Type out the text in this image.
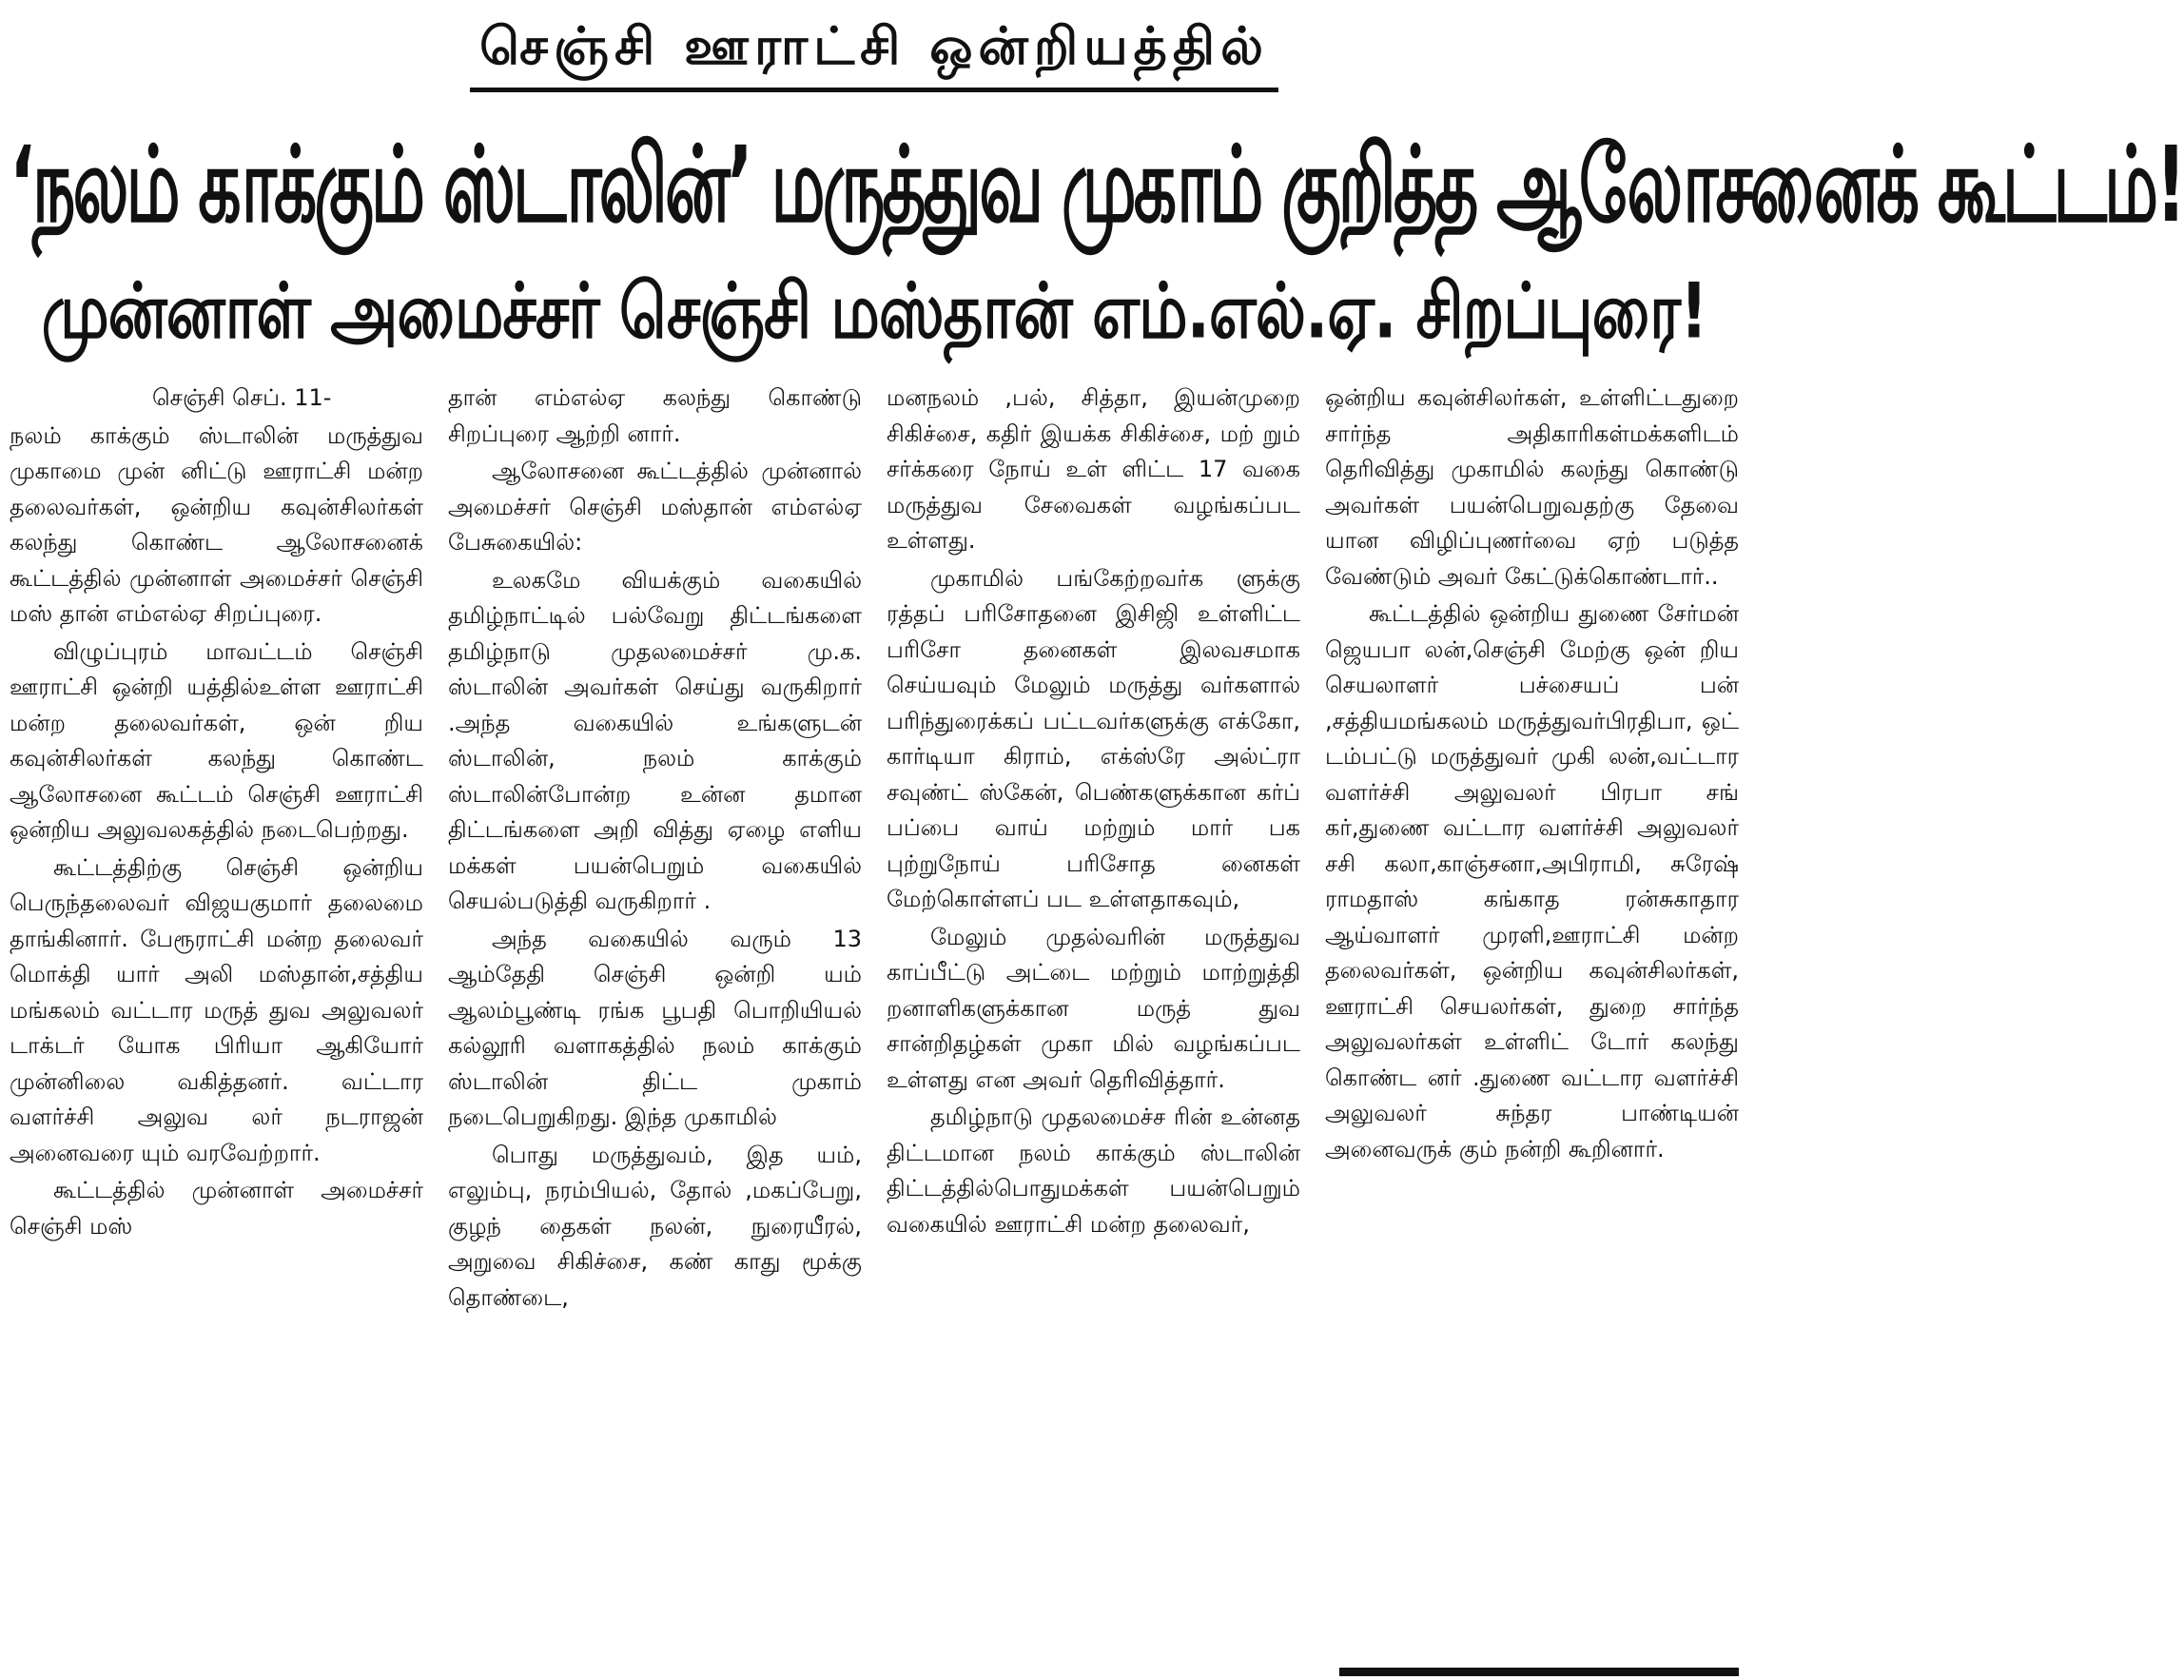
செஞ்சி ஊராட்சி ஒன்றியத்தில்
‘நலம் காக்கும் ஸ்டாலின்’ மருத்துவ முகாம் குறித்த ஆலோசனைக் கூட்டம்!
முன்னாள் அமைச்சர் செஞ்சி மஸ்தான் எம்.எல்.ஏ. சிறப்புரை!

செஞ்சி செப். 11-

நலம் காக்கும் ஸ்டாலின் மருத்துவ முகாமை முன் னிட்டு ஊராட்சி மன்ற தலைவர்கள், ஒன்றிய கவுன்சிலர்கள் கலந்து கொண்ட ஆலோசனைக் கூட்டத்தில் முன்னாள் அமைச்சர் செஞ்சி மஸ் தான் எம்எல்ஏ சிறப்புரை.

விழுப்புரம் மாவட்டம் செஞ்சி ஊராட்சி ஒன்றி யத்தில்உள்ள ஊராட்சி மன்ற தலைவர்கள், ஒன் றிய கவுன்சிலர்கள் கலந்து கொண்ட ஆலோசனை கூட்டம் செஞ்சி ஊராட்சி ஒன்றிய அலுவலகத்தில் நடைபெற்றது.

கூட்டத்திற்கு செஞ்சி ஒன்றிய பெருந்தலைவர் விஜயகுமார் தலைமை தாங்கினார். பேரூராட்சி மன்ற தலைவர் மொக்தி யார் அலி மஸ்தான்,சத்திய மங்கலம் வட்டார மருத் துவ அலுவலர் டாக்டர் யோக பிரியா ஆகியோர் முன்னிலை வகித்தனர். வட்டார வளர்ச்சி அலுவ லர் நடராஜன் அனைவரை யும் வரவேற்றார்.

கூட்டத்தில் முன்னாள் அமைச்சர் செஞ்சி மஸ்

தான் எம்எல்ஏ கலந்து கொண்டு சிறப்புரை ஆற்றி னார்.

ஆலோசனை கூட்டத்தில் முன்னால் அமைச்சர் செஞ்சி மஸ்தான் எம்எல்ஏ பேசுகையில்:

உலகமே வியக்கும் வகையில் தமிழ்நாட்டில் பல்வேறு திட்டங்களை தமிழ்நாடு முதலமைச்சர் மு.க. ஸ்டாலின் அவர்கள் செய்து வருகிறார் .அந்த வகையில் உங்களுடன் ஸ்டாலின், நலம் காக்கும் ஸ்டாலின்போன்ற உன்ன தமான திட்டங்களை அறி வித்து ஏழை எளிய மக்கள் பயன்பெறும் வகையில் செயல்படுத்தி வருகிறார் .

அந்த வகையில் வரும் 13 ஆம்தேதி செஞ்சி ஒன்றி யம் ஆலம்பூண்டி ரங்க பூபதி பொறியியல் கல்லூரி வளாகத்தில் நலம் காக்கும் ஸ்டாலின் திட்ட முகாம் நடைபெறுகிறது. இந்த முகாமில்

பொது மருத்துவம், இத யம், எலும்பு, நரம்பியல், தோல் ,மகப்பேறு, குழந் தைகள் நலன், நுரையீரல், அறுவை சிகிச்சை, கண் காது மூக்கு தொண்டை,

மனநலம் ,பல், சித்தா, இயன்முறை சிகிச்சை, கதிர் இயக்க சிகிச்சை, மற் றும் சர்க்கரை நோய் உள் ளிட்ட 17 வகை மருத்துவ சேவைகள் வழங்கப்பட உள்ளது.

முகாமில் பங்கேற்றவர்க ளுக்கு ரத்தப் பரிசோதனை இசிஜி உள்ளிட்ட பரிசோ தனைகள் இலவசமாக செய்யவும் மேலும் மருத்து வர்களால் பரிந்துரைக்கப் பட்டவர்களுக்கு எக்கோ, கார்டியா கிராம், எக்ஸ்ரே அல்ட்ரா சவுண்ட் ஸ்கேன், பெண்களுக்கான கர்ப் பப்பை வாய் மற்றும் மார் பக புற்றுநோய் பரிசோத னைகள் மேற்கொள்ளப் பட உள்ளதாகவும்,

மேலும் முதல்வரின் மருத்துவ காப்பீட்டு அட்டை மற்றும் மாற்றுத்தி றனாளிகளுக்கான மருத் துவ சான்றிதழ்கள் முகா மில் வழங்கப்பட உள்ளது என அவர் தெரிவித்தார்.

தமிழ்நாடு முதலமைச்ச ரின் உன்னத திட்டமான நலம் காக்கும் ஸ்டாலின் திட்டத்தில்பொதுமக்கள் பயன்பெறும் வகையில் ஊராட்சி மன்ற தலைவர்,

ஒன்றிய கவுன்சிலர்கள், உள்ளிட்டதுறை சார்ந்த அதிகாரிகள்மக்களிடம் தெரிவித்து முகாமில் கலந்து கொண்டு அவர்கள் பயன்பெறுவதற்கு தேவை யான விழிப்புணர்வை ஏற் படுத்த வேண்டும் அவர் கேட்டுக்கொண்டார்..

கூட்டத்தில் ஒன்றிய துணை சேர்மன் ஜெயபா லன்,செஞ்சி மேற்கு ஒன் றிய செயலாளர் பச்சையப் பன் ,சத்தியமங்கலம் மருத்துவர்பிரதிபா, ஒட் டம்பட்டு மருத்துவர் முகி லன்,வட்டார வளர்ச்சி அலுவலர் பிரபா சங் கர்,துணை வட்டார வளர்ச்சி அலுவலர் சசி கலா,காஞ்சனா,அபிராமி, சுரேஷ் ராமதாஸ் கங்காத ரன்சுகாதார ஆய்வாளர் முரளி,ஊராட்சி மன்ற தலைவர்கள், ஒன்றிய கவுன்சிலர்கள், ஊராட்சி செயலர்கள், துறை சார்ந்த அலுவலர்கள் உள்ளிட் டோர் கலந்து கொண்ட னர் .துணை வட்டார வளர்ச்சி அலுவலர் சுந்தர பாண்டியன் அனைவருக் கும் நன்றி கூறினார்.
